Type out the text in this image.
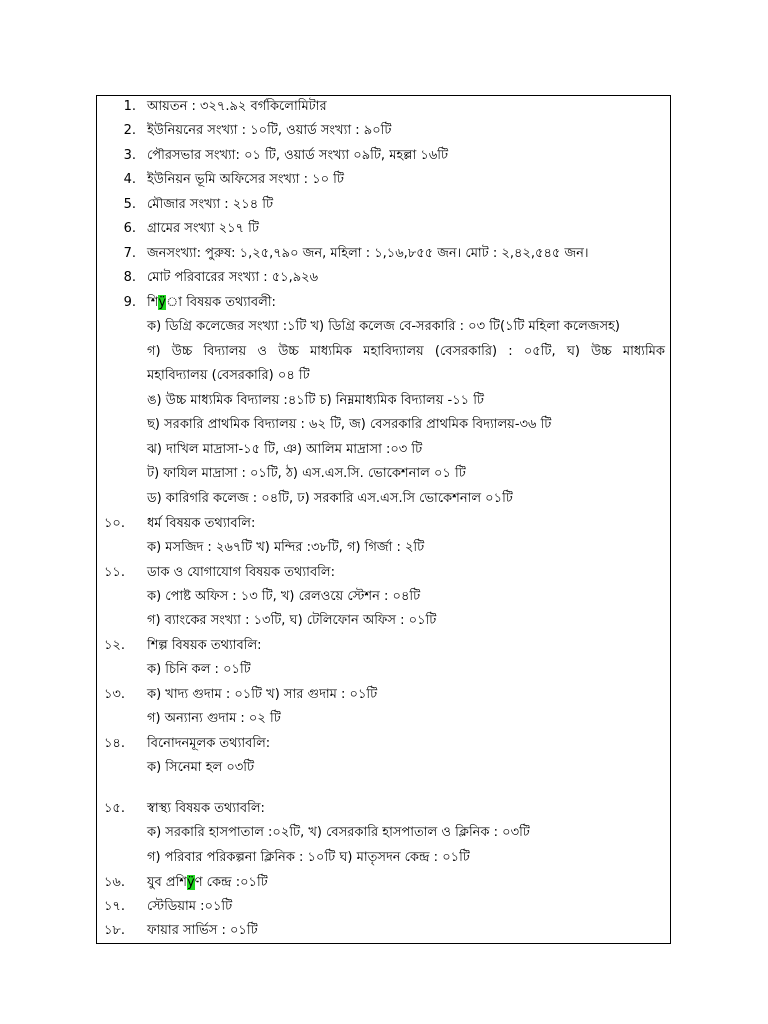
1. আয়তন : ৩২৭.৯২ বর্গকিলোমিটার
2. ইউনিয়নের সংখ্যা : ১০টি, ওয়ার্ড সংখ্যা : ৯০টি
3. পৌরসভার সংখ্যা: ০১ টি, ওয়ার্ড সংখ্যা ০৯টি, মহল্লা ১৬টি
4. ইউনিয়ন ভূমি অফিসের সংখ্যা : ১০ টি
5. মৌজার সংখ্যা : ২১৪ টি
6. গ্রামের সংখ্যা ২১৭ টি
7. জনসংখ্যা: পুরুষ: ১,২৫,৭৯০ জন, মহিলা : ১,১৬,৮৫৫ জন। মোট : ২,৪২,৫৪৫ জন।
8. মোট পরিবারের সংখ্যা : ৫১,৯২৬
9. শিÿা বিষয়ক তথ্যাবলী:
ক) ডিগ্রি কলেজের সংখ্যা :১টি খ) ডিগ্রি কলেজ বে-সরকারি : ০৩ টি(১টি মহিলা কলেজসহ)
গ) উচ্চ বিদ্যালয় ও উচ্চ মাধ্যমিক মহাবিদ্যালয় (বেসরকারি) : ০৫টি, ঘ) উচ্চ মাধ্যমিক
মহাবিদ্যালয় (বেসরকারি) ০৪ টি
ঙ) উচ্চ মাধ্যমিক বিদ্যালয় :৪১টি চ) নিম্নমাধ্যমিক বিদ্যালয় -১১ টি
ছ) সরকারি প্রাথমিক বিদ্যালয় : ৬২ টি, জ) বেসরকারি প্রাথমিক বিদ্যালয়-৩৬ টি
ঝ) দাখিল মাদ্রাসা-১৫ টি, ঞ) আলিম মাদ্রাসা :০৩ টি
ট) ফাযিল মাদ্রাসা : ০১টি, ঠ) এস.এস.সি. ভোকেশনাল ০১ টি
ড) কারিগরি কলেজ : ০৪টি, ঢ) সরকারি এস.এস.সি ভোকেশনাল ০১টি
১০. ধর্ম বিষয়ক তথ্যাবলি:
ক) মসজিদ : ২৬৭টি খ) মন্দির :৩৮টি, গ) গির্জা : ২টি
১১. ডাক ও যোগাযোগ বিষয়ক তথ্যাবলি:
ক) পোষ্ট অফিস : ১৩ টি, খ) রেলওয়ে স্টেশন : ০৪টি
গ) ব্যাংকের সংখ্যা : ১৩টি, ঘ) টেলিফোন অফিস : ০১টি
১২. শিল্প বিষয়ক তথ্যাবলি:
ক) চিনি কল : ০১টি
১৩. ক) খাদ্য গুদাম : ০১টি খ) সার গুদাম : ০১টি
গ) অন্যান্য গুদাম : ০২ টি
১৪. বিনোদনমূলক তথ্যাবলি:
ক) সিনেমা হল ০৩টি
১৫. স্বাস্থ্য বিষয়ক তথ্যাবলি:
ক) সরকারি হাসপাতাল :০২টি, খ) বেসরকারি হাসপাতাল ও ক্লিনিক : ০৩টি
গ) পরিবার পরিকল্পনা ক্লিনিক : ১০টি ঘ) মাতৃসদন কেন্দ্র : ০১টি
১৬. যুব প্রশিÿণ কেন্দ্র :০১টি
১৭. স্টেডিয়াম :০১টি
১৮. ফায়ার সার্ভিস : ০১টি
